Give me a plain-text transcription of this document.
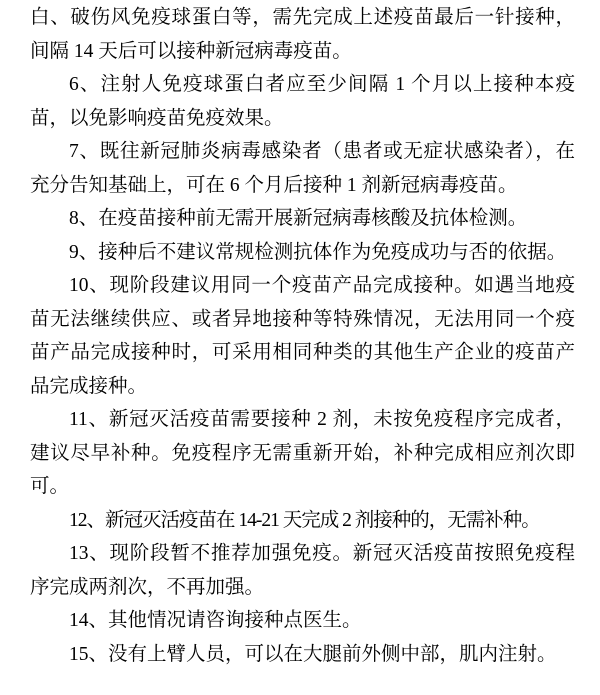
白、破伤风免疫球蛋白等，需先完成上述疫苗最后一针接种，间隔 14 天后可以接种新冠病毒疫苗。

6、注射人免疫球蛋白者应至少间隔 1 个月以上接种本疫苗，以免影响疫苗免疫效果。

7、既往新冠肺炎病毒感染者（患者或无症状感染者），在充分告知基础上，可在 6 个月后接种 1 剂新冠病毒疫苗。

8、在疫苗接种前无需开展新冠病毒核酸及抗体检测。

9、接种后不建议常规检测抗体作为免疫成功与否的依据。

10、现阶段建议用同一个疫苗产品完成接种。如遇当地疫苗无法继续供应、或者异地接种等特殊情况，无法用同一个疫苗产品完成接种时，可采用相同种类的其他生产企业的疫苗产品完成接种。

11、新冠灭活疫苗需要接种 2 剂，未按免疫程序完成者，建议尽早补种。免疫程序无需重新开始，补种完成相应剂次即可。

12、新冠灭活疫苗在 14-21 天完成 2 剂接种的，无需补种。

13、现阶段暂不推荐加强免疫。新冠灭活疫苗按照免疫程序完成两剂次，不再加强。

14、其他情况请咨询接种点医生。

15、没有上臂人员，可以在大腿前外侧中部，肌内注射。
